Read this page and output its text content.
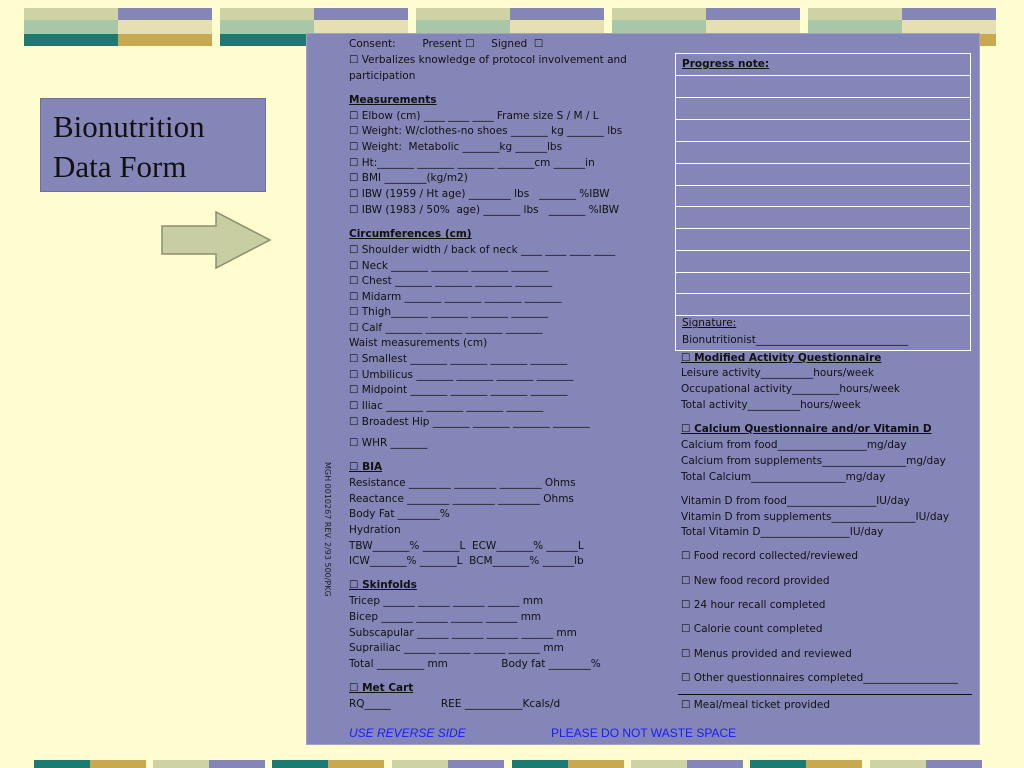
Bionutrition
Data Form
MGH 0010267 REV. 2/93 500/PKG
Consent:        Present ☐     Signed  ☐
☐ Verbalizes knowledge of protocol involvement and
participation
Measurements
☐ Elbow (cm) ____ ____ ____ Frame size S / M / L
☐ Weight: W/clothes-no shoes _______ kg _______ lbs
☐ Weight:  Metabolic _______kg ______lbs
☐ Ht:_______ _______ _______ _______cm ______in
☐ BMI ________(kg/m2)
☐ IBW (1959 / Ht age) ________ lbs   _______ %IBW
☐ IBW (1983 / 50%  age) _______ lbs   _______ %IBW
Circumferences (cm)
☐ Shoulder width / back of neck ____ ____ ____ ____
☐ Neck _______ _______ _______ _______
☐ Chest _______ _______ _______ _______
☐ Midarm _______ _______ _______ _______
☐ Thigh_______ _______ _______ _______
☐ Calf _______ _______ _______ _______
Waist measurements (cm)
☐ Smallest _______ _______ _______ _______
☐ Umbilicus _______ _______ _______ _______
☐ Midpoint _______ _______ _______ _______
☐ Iliac _______ _______ _______ _______
☐ Broadest Hip _______ _______ _______ _______
☐ WHR _______
☐ BIA
Resistance ________ ________ ________ Ohms
Reactance ________ ________ ________ Ohms
Body Fat ________%
Hydration
TBW_______% _______L  ECW_______% ______L
ICW_______% _______L  BCM_______% ______lb
☐ Skinfolds
Tricep ______ ______ ______ ______ mm
Bicep ______ ______ ______ ______ mm
Subscapular ______ ______ ______ ______ mm
Suprailiac ______ ______ ______ ______ mm
Total _________ mm                Body fat ________%
☐ Met Cart
RQ_____               REE ___________Kcals/d
Progress note:
Signature:
Bionutritionist_____________________________
☐ Modified Activity Questionnaire
Leisure activity__________hours/week
Occupational activity_________hours/week
Total activity__________hours/week
☐ Calcium Questionnaire and/or Vitamin D
Calcium from food_________________mg/day
Calcium from supplements________________mg/day
Total Calcium__________________mg/day
Vitamin D from food_________________IU/day
Vitamin D from supplements________________IU/day
Total Vitamin D_________________IU/day
☐ Food record collected/reviewed
☐ New food record provided
☐ 24 hour recall completed
☐ Calorie count completed
☐ Menus provided and reviewed
☐ Other questionnaires completed__________________
☐ Meal/meal ticket provided
USE REVERSE SIDE	PLEASE DO NOT WASTE SPACE
